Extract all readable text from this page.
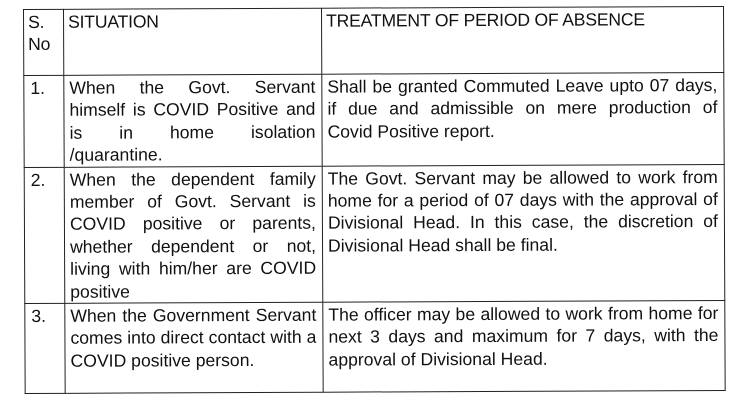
S. No	SITUATION	TREATMENT OF PERIOD OF ABSENCE
1.	When the Govt. Servant himself is COVID Positive and is in home isolation /quarantine.	Shall be granted Commuted Leave upto 07 days, if due and admissible on mere production of Covid Positive report.
2.	When the dependent family member of Govt. Servant is COVID positive or parents, whether dependent or not, living with him/her are COVID positive	The Govt. Servant may be allowed to work from home for a period of 07 days with the approval of Divisional Head. In this case, the discretion of Divisional Head shall be final.
3.	When the Government Servant comes into direct contact with a COVID positive person.	The officer may be allowed to work from home for next 3 days and maximum for 7 days, with the approval of Divisional Head.
